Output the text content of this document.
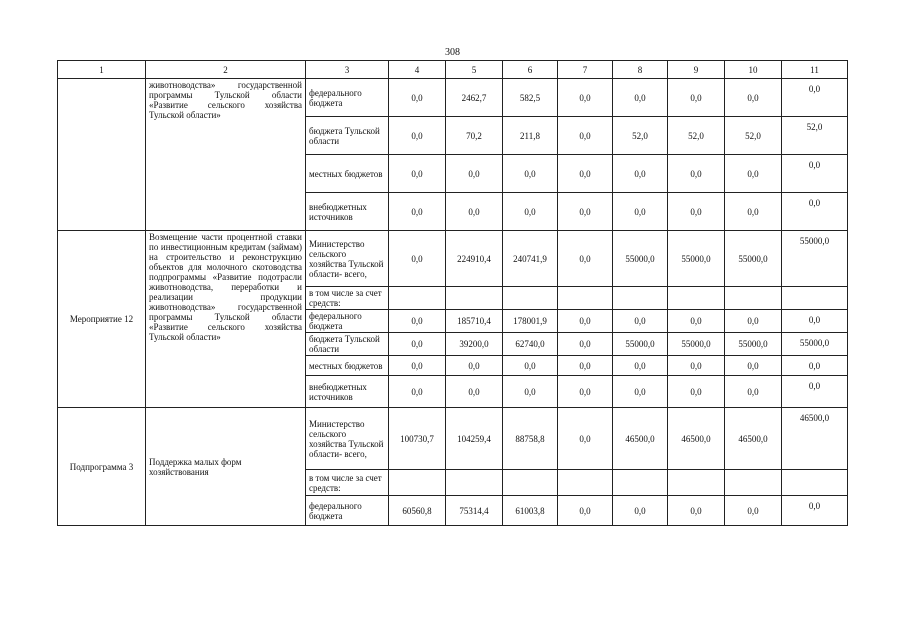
308
1	2	3	4	5	6	7	8	9	10	11
	животноводства» государственной программы Тульской области «Развитие сельского хозяйства Тульской области»	федерального бюджета	0,0	2462,7	582,5	0,0	0,0	0,0	0,0	0,0
		бюджета Тульской области	0,0	70,2	211,8	0,0	52,0	52,0	52,0	52,0
		местных бюджетов	0,0	0,0	0,0	0,0	0,0	0,0	0,0	0,0
		внебюджетных источников	0,0	0,0	0,0	0,0	0,0	0,0	0,0	0,0
Мероприятие 12	Возмещение части процентной ставки по инвестиционным кредитам (займам) на строительство и реконструкцию объектов для молочного скотоводства подпрограммы «Развитие подотрасли животноводства, переработки и реализации продукции животноводства» государственной программы Тульской области «Развитие сельского хозяйства Тульской области»	Министерство сельского хозяйства Тульской области- всего,	0,0	224910,4	240741,9	0,0	55000,0	55000,0	55000,0	55000,0
		в том числе за счет средств:								
		федерального бюджета	0,0	185710,4	178001,9	0,0	0,0	0,0	0,0	0,0
		бюджета Тульской области	0,0	39200,0	62740,0	0,0	55000,0	55000,0	55000,0	55000,0
		местных бюджетов	0,0	0,0	0,0	0,0	0,0	0,0	0,0	0,0
		внебюджетных источников	0,0	0,0	0,0	0,0	0,0	0,0	0,0	0,0
Подпрограмма 3	Поддержка малых форм хозяйствования	Министерство сельского хозяйства Тульской области- всего,	100730,7	104259,4	88758,8	0,0	46500,0	46500,0	46500,0	46500,0
		в том числе за счет средств:								
		федерального бюджета	60560,8	75314,4	61003,8	0,0	0,0	0,0	0,0	0,0
